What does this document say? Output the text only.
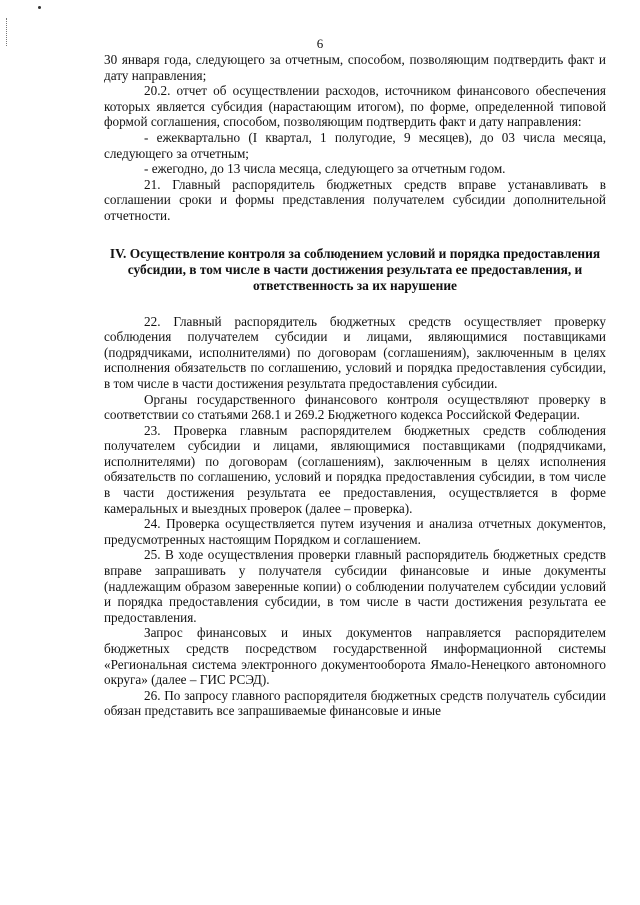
6

30 января года, следующего за отчетным, способом, позволяющим подтвердить факт и дату направления;

20.2. отчет об осуществлении расходов, источником финансового обеспечения которых является субсидия (нарастающим итогом), по форме, определенной типовой формой соглашения, способом, позволяющим подтвердить факт и дату направления:

- ежеквартально (I квартал, 1 полугодие, 9 месяцев), до 03 числа месяца, следующего за отчетным;

- ежегодно, до 13 числа месяца, следующего за отчетным годом.

21. Главный распорядитель бюджетных средств вправе устанавливать в соглашении сроки и формы представления получателем субсидии дополнительной отчетности.

IV. Осуществление контроля за соблюдением условий и порядка предоставления субсидии, в том числе в части достижения результата ее предоставления, и ответственность за их нарушение

22. Главный распорядитель бюджетных средств осуществляет проверку соблюдения получателем субсидии и лицами, являющимися поставщиками (подрядчиками, исполнителями) по договорам (соглашениям), заключенным в целях исполнения обязательств по соглашению, условий и порядка предоставления субсидии, в том числе в части достижения результата предоставления субсидии.

Органы государственного финансового контроля осуществляют проверку в соответствии со статьями 268.1 и 269.2 Бюджетного кодекса Российской Федерации.

23. Проверка главным распорядителем бюджетных средств соблюдения получателем субсидии и лицами, являющимися поставщиками (подрядчиками, исполнителями) по договорам (соглашениям), заключенным в целях исполнения обязательств по соглашению, условий и порядка предоставления субсидии, в том числе в части достижения результата ее предоставления, осуществляется в форме камеральных и выездных проверок (далее – проверка).

24. Проверка осуществляется путем изучения и анализа отчетных документов, предусмотренных настоящим Порядком и соглашением.

25. В ходе осуществления проверки главный распорядитель бюджетных средств вправе запрашивать у получателя субсидии финансовые и иные документы (надлежащим образом заверенные копии) о соблюдении получателем субсидии условий и порядка предоставления субсидии, в том числе в части достижения результата ее предоставления.

Запрос финансовых и иных документов направляется распорядителем бюджетных средств посредством государственной информационной системы «Региональная система электронного документооборота Ямало-Ненецкого автономного округа» (далее – ГИС РСЭД).

26. По запросу главного распорядителя бюджетных средств получатель субсидии обязан представить все запрашиваемые финансовые и иные
